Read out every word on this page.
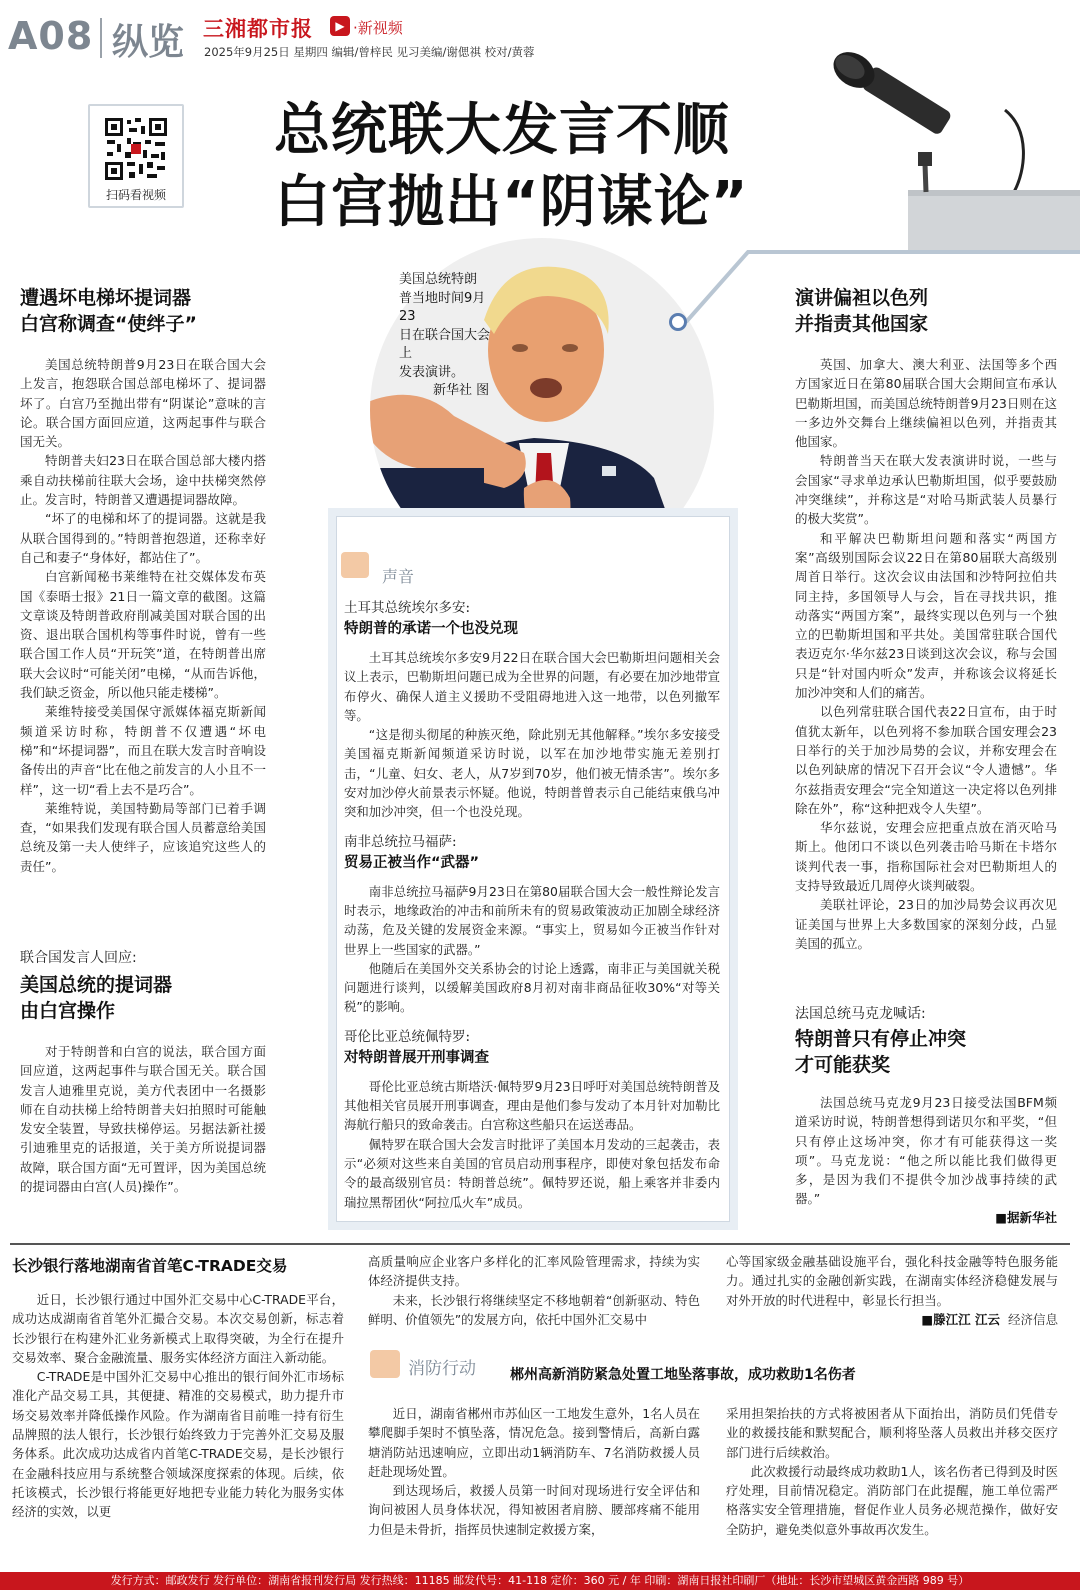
A08 纵览 三湘都市报	▶ ·新视频
2025年9月25日 星期四 编辑/曾梓民 见习美编/谢偲祺 校对/黄蓉
扫码看视频
总统联大发言不顺
白宫抛出“阴谋论”
美国总统特朗
普当地时间9月23
日在联合国大会上
发表演讲。
新华社 图
遭遇坏电梯坏提词器
白宫称调查“使绊子”

美国总统特朗普9月23日在联合国大会上发言，抱怨联合国总部电梯坏了、提词器坏了。白宫乃至抛出带有“阴谋论”意味的言论。联合国方面回应道，这两起事件与联合国无关。

特朗普夫妇23日在联合国总部大楼内搭乘自动扶梯前往联大会场，途中扶梯突然停止。发言时，特朗普又遭遇提词器故障。

“坏了的电梯和坏了的提词器。这就是我从联合国得到的。”特朗普抱怨道，还称幸好自己和妻子“身体好，都站住了”。

白宫新闻秘书莱维特在社交媒体发布英国《泰晤士报》21日一篇文章的截图。这篇文章谈及特朗普政府削减美国对联合国的出资、退出联合国机构等事件时说，曾有一些联合国工作人员“开玩笑”道，在特朗普出席联大会议时“可能关闭”电梯，“从而告诉他，我们缺乏资金，所以他只能走楼梯”。

莱维特接受美国保守派媒体福克斯新闻频道采访时称，特朗普不仅遭遇“坏电梯”和“坏提词器”，而且在联大发言时音响设备传出的声音“比在他之前发言的人小且不一样”，这一切“看上去不是巧合”。

莱维特说，美国特勤局等部门已着手调查，“如果我们发现有联合国人员蓄意给美国总统及第一夫人使绊子，应该追究这些人的责任”。

联合国发言人回应:
美国总统的提词器
由白宫操作

对于特朗普和白宫的说法，联合国方面回应道，这两起事件与联合国无关。联合国发言人迪雅里克说，美方代表团中一名摄影师在自动扶梯上给特朗普夫妇拍照时可能触发安全装置，导致扶梯停运。另据法新社援引迪雅里克的话报道，关于美方所说提词器故障，联合国方面“无可置评，因为美国总统的提词器由白宫(人员)操作”。

声音
土耳其总统埃尔多安:
特朗普的承诺一个也没兑现

土耳其总统埃尔多安9月22日在联合国大会巴勒斯坦问题相关会议上表示，巴勒斯坦问题已成为全世界的问题，有必要在加沙地带宣布停火、确保人道主义援助不受阻碍地进入这一地带，以色列撤军等。

“这是彻头彻尾的种族灭绝，除此别无其他解释。”埃尔多安接受美国福克斯新闻频道采访时说，以军在加沙地带实施无差别打击，“儿童、妇女、老人，从7岁到70岁，他们被无情杀害”。埃尔多安对加沙停火前景表示怀疑。他说，特朗普曾表示自己能结束俄乌冲突和加沙冲突，但一个也没兑现。

南非总统拉马福萨:
贸易正被当作“武器”

南非总统拉马福萨9月23日在第80届联合国大会一般性辩论发言时表示，地缘政治的冲击和前所未有的贸易政策波动正加剧全球经济动荡，危及关键的发展资金来源。“事实上，贸易如今正被当作针对世界上一些国家的武器。”

他随后在美国外交关系协会的讨论上透露，南非正与美国就关税问题进行谈判，以缓解美国政府8月初对南非商品征收30%“对等关税”的影响。

哥伦比亚总统佩特罗:
对特朗普展开刑事调查

哥伦比亚总统古斯塔沃·佩特罗9月23日呼吁对美国总统特朗普及其他相关官员展开刑事调查，理由是他们参与发动了本月针对加勒比海航行船只的致命袭击。白宫称这些船只在运送毒品。

佩特罗在联合国大会发言时批评了美国本月发动的三起袭击，表示“必须对这些来自美国的官员启动刑事程序，即使对象包括发布命令的最高级别官员：特朗普总统”。佩特罗还说，船上乘客并非委内瑞拉黑帮团伙“阿拉瓜火车”成员。

演讲偏袒以色列
并指责其他国家

英国、加拿大、澳大利亚、法国等多个西方国家近日在第80届联合国大会期间宣布承认巴勒斯坦国，而美国总统特朗普9月23日则在这一多边外交舞台上继续偏袒以色列，并指责其他国家。

特朗普当天在联大发表演讲时说，一些与会国家“寻求单边承认巴勒斯坦国，似乎要鼓励冲突继续”，并称这是“对哈马斯武装人员暴行的极大奖赏”。

和平解决巴勒斯坦问题和落实“两国方案”高级别国际会议22日在第80届联大高级别周首日举行。这次会议由法国和沙特阿拉伯共同主持，多国领导人与会，旨在寻找共识，推动落实“两国方案”，最终实现以色列与一个独立的巴勒斯坦国和平共处。美国常驻联合国代表迈克尔·华尔兹23日谈到这次会议，称与会国只是“针对国内听众”发声，并称该会议将延长加沙冲突和人们的痛苦。

以色列常驻联合国代表22日宣布，由于时值犹太新年，以色列将不参加联合国安理会23日举行的关于加沙局势的会议，并称安理会在以色列缺席的情况下召开会议“令人遗憾”。华尔兹指责安理会“完全知道这一决定将以色列排除在外”，称“这种把戏令人失望”。

华尔兹说，安理会应把重点放在消灭哈马斯上。他闭口不谈以色列袭击哈马斯在卡塔尔谈判代表一事，指称国际社会对巴勒斯坦人的支持导致最近几周停火谈判破裂。

美联社评论，23日的加沙局势会议再次见证美国与世界上大多数国家的深刻分歧，凸显美国的孤立。

法国总统马克龙喊话:
特朗普只有停止冲突
才可能获奖

法国总统马克龙9月23日接受法国BFM频道采访时说，特朗普想得到诺贝尔和平奖，“但只有停止这场冲突，你才有可能获得这一奖项”。马克龙说：“他之所以能比我们做得更多，是因为我们不提供令加沙战事持续的武器。”

■据新华社
长沙银行落地湖南省首笔C-TRADE交易

近日，长沙银行通过中国外汇交易中心C-TRADE平台，成功达成湖南省首笔外汇撮合交易。本次交易创新，标志着长沙银行在构建外汇业务新模式上取得突破，为全行在提升交易效率、聚合金融流量、服务实体经济方面注入新动能。

C-TRADE是中国外汇交易中心推出的银行间外汇市场标准化产品交易工具，其便捷、精准的交易模式，助力提升市场交易效率并降低操作风险。作为湖南省目前唯一持有衍生品牌照的法人银行，长沙银行始终致力于完善外汇交易及服务体系。此次成功达成省内首笔C-TRADE交易，是长沙银行在金融科技应用与系统整合领域深度探索的体现。后续，依托该模式，长沙银行将能更好地把专业能力转化为服务实体经济的实效，以更

高质量响应企业客户多样化的汇率风险管理需求，持续为实体经济提供支持。

未来，长沙银行将继续坚定不移地朝着“创新驱动、特色鲜明、价值领先”的发展方向，依托中国外汇交易中

心等国家级金融基础设施平台，强化科技金融等特色服务能力。通过扎实的金融创新实践，在湖南实体经济稳健发展与对外开放的时代进程中，彰显长行担当。

■滕江江 江云 经济信息
消防行动 郴州高新消防紧急处置工地坠落事故，成功救助1名伤者

近日，湖南省郴州市苏仙区一工地发生意外，1名人员在攀爬脚手架时不慎坠落，情况危急。接到警情后，高新白露塘消防站迅速响应，立即出动1辆消防车、7名消防救援人员赶赴现场处置。

到达现场后，救援人员第一时间对现场进行安全评估和询问被困人员身体状况，得知被困者肩膀、腰部疼痛不能用力但是未骨折，指挥员快速制定救援方案，

采用担架抬扶的方式将被困者从下面抬出，消防员们凭借专业的救援技能和默契配合，顺利将坠落人员救出并移交医疗部门进行后续救治。

此次救援行动最终成功救助1人，该名伤者已得到及时医疗处理，目前情况稳定。消防部门在此提醒，施工单位需严格落实安全管理措施，督促作业人员务必规范操作，做好安全防护，避免类似意外事故再次发生。

发行方式：邮政发行 发行单位：湖南省报刊发行局 发行热线：11185 邮发代号：41-118 定价：360 元 / 年 印刷：湖南日报社印刷厂（地址：长沙市望城区黄金西路 989 号）
